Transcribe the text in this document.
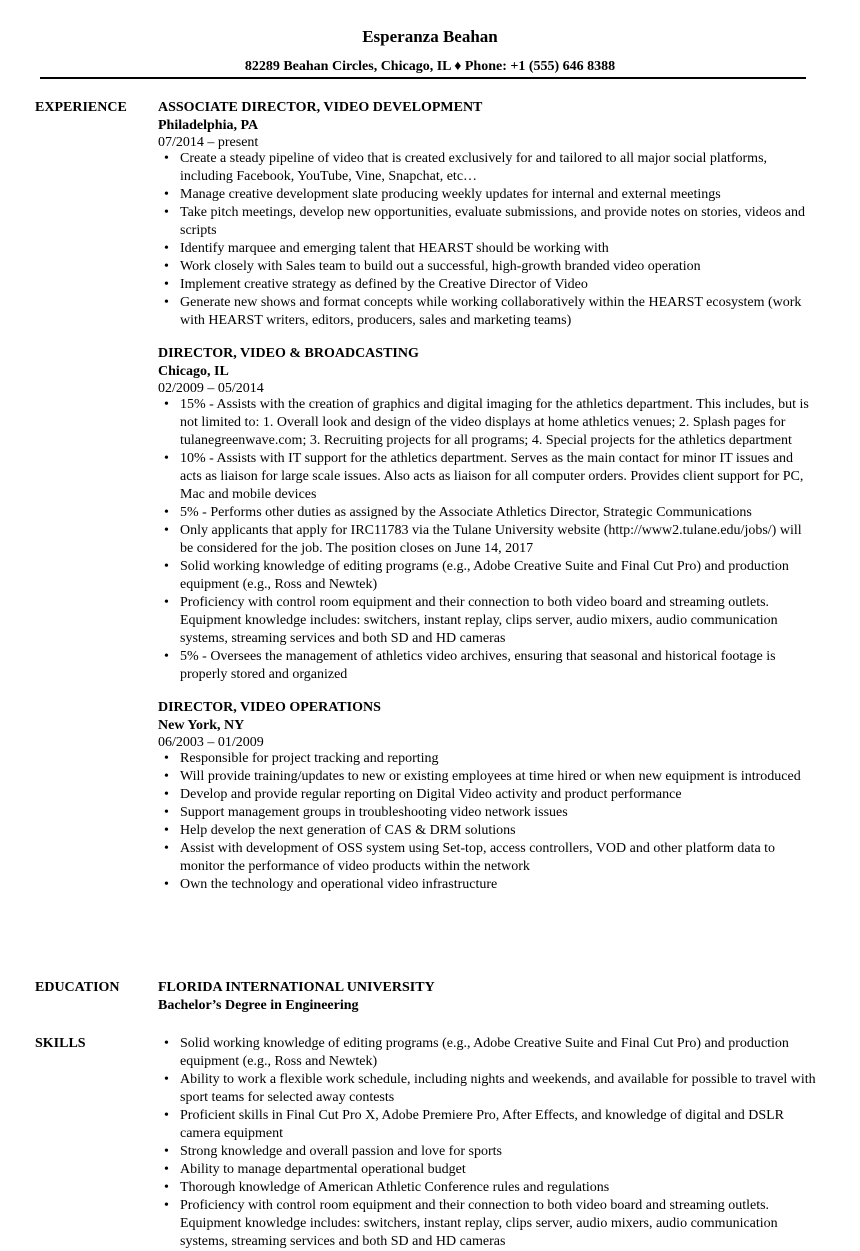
Esperanza Beahan
82289 Beahan Circles, Chicago, IL ♦ Phone: +1 (555) 646 8388
EXPERIENCE	ASSOCIATE DIRECTOR, VIDEO DEVELOPMENT
Philadelphia, PA
07/2014 – present
• Create a steady pipeline of video that is created exclusively for and tailored to all major social platforms, including Facebook, YouTube, Vine, Snapchat, etc…
• Manage creative development slate producing weekly updates for internal and external meetings
• Take pitch meetings, develop new opportunities, evaluate submissions, and provide notes on stories, videos and scripts
• Identify marquee and emerging talent that HEARST should be working with
• Work closely with Sales team to build out a successful, high-growth branded video operation
• Implement creative strategy as defined by the Creative Director of Video
• Generate new shows and format concepts while working collaboratively within the HEARST ecosystem (work with HEARST writers, editors, producers, sales and marketing teams)
DIRECTOR, VIDEO & BROADCASTING
Chicago, IL
02/2009 – 05/2014
• 15% - Assists with the creation of graphics and digital imaging for the athletics department. This includes, but is not limited to: 1. Overall look and design of the video displays at home athletics venues; 2. Splash pages for tulanegreenwave.com; 3. Recruiting projects for all programs; 4. Special projects for the athletics department
• 10% - Assists with IT support for the athletics department. Serves as the main contact for minor IT issues and acts as liaison for large scale issues. Also acts as liaison for all computer orders. Provides client support for PC, Mac and mobile devices
• 5% - Performs other duties as assigned by the Associate Athletics Director, Strategic Communications
• Only applicants that apply for IRC11783 via the Tulane University website (http://www2.tulane.edu/jobs/) will be considered for the job. The position closes on June 14, 2017
• Solid working knowledge of editing programs (e.g., Adobe Creative Suite and Final Cut Pro) and production equipment (e.g., Ross and Newtek)
• Proficiency with control room equipment and their connection to both video board and streaming outlets. Equipment knowledge includes: switchers, instant replay, clips server, audio mixers, audio communication systems, streaming services and both SD and HD cameras
• 5% - Oversees the management of athletics video archives, ensuring that seasonal and historical footage is properly stored and organized
DIRECTOR, VIDEO OPERATIONS
New York, NY
06/2003 – 01/2009
• Responsible for project tracking and reporting
• Will provide training/updates to new or existing employees at time hired or when new equipment is introduced
• Develop and provide regular reporting on Digital Video activity and product performance
• Support management groups in troubleshooting video network issues
• Help develop the next generation of CAS & DRM solutions
• Assist with development of OSS system using Set-top, access controllers, VOD and other platform data to monitor the performance of video products within the network
• Own the technology and operational video infrastructure
EDUCATION	FLORIDA INTERNATIONAL UNIVERSITY
Bachelor’s Degree in Engineering
SKILLS
•	Solid working knowledge of editing programs (e.g., Adobe Creative Suite and Final Cut Pro) and production equipment (e.g., Ross and Newtek)
• Ability to work a flexible work schedule, including nights and weekends, and available for possible to travel with sport teams for selected away contests
• Proficient skills in Final Cut Pro X, Adobe Premiere Pro, After Effects, and knowledge of digital and DSLR camera equipment
• Strong knowledge and overall passion and love for sports
• Ability to manage departmental operational budget
• Thorough knowledge of American Athletic Conference rules and regulations
• Proficiency with control room equipment and their connection to both video board and streaming outlets. Equipment knowledge includes: switchers, instant replay, clips server, audio mixers, audio communication systems, streaming services and both SD and HD cameras
